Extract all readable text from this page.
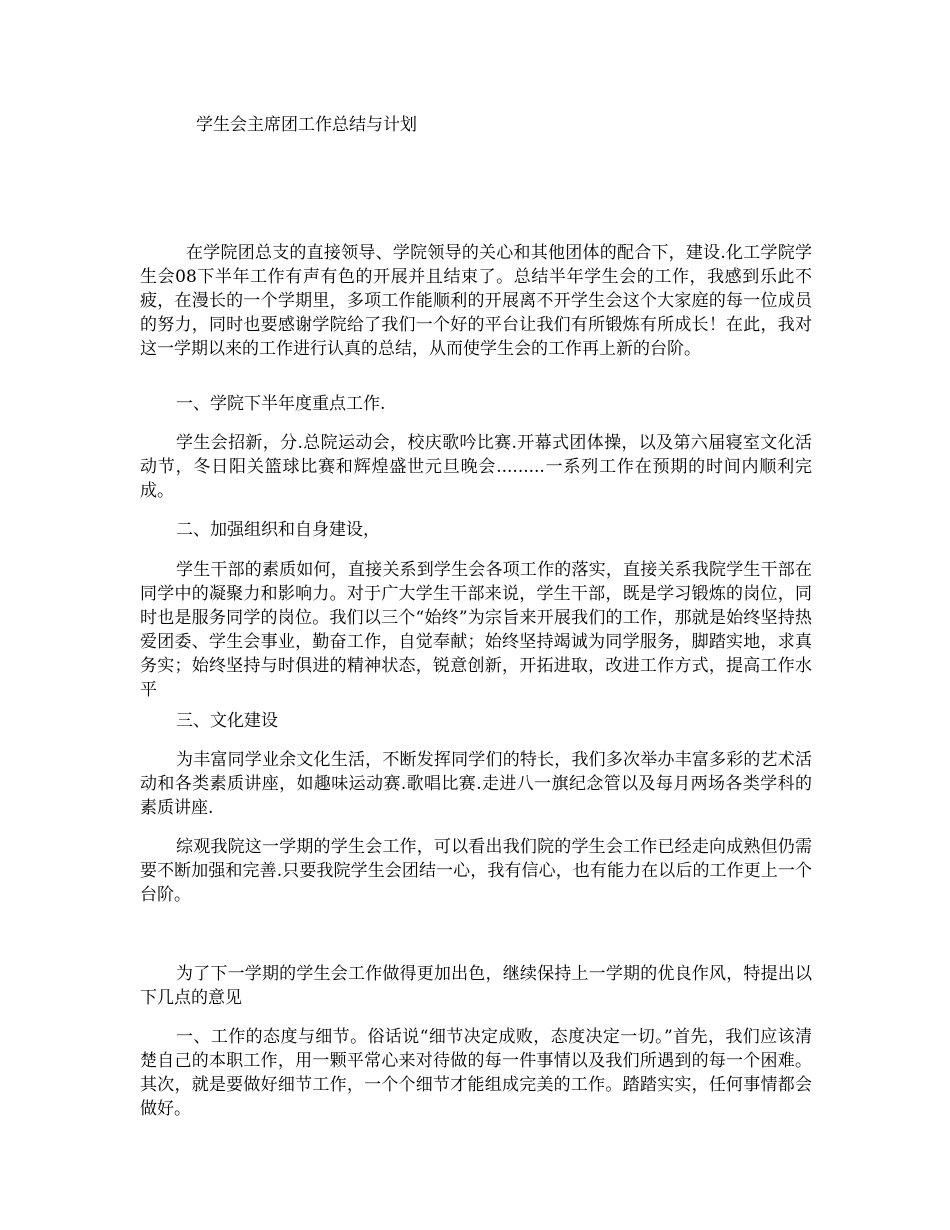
学生会主席团工作总结与计划

在学院团总支的直接领导、学院领导的关心和其他团体的配合下，建设.化工学院学生会08下半年工作有声有色的开展并且结束了。总结半年学生会的工作，我感到乐此不疲，在漫长的一个学期里，多项工作能顺利的开展离不开学生会这个大家庭的每一位成员的努力，同时也要感谢学院给了我们一个好的平台让我们有所锻炼有所成长！在此，我对这一学期以来的工作进行认真的总结，从而使学生会的工作再上新的台阶。

一、学院下半年度重点工作.

学生会招新，分.总院运动会，校庆歌吟比赛.开幕式团体操，以及第六届寝室文化活动节，冬日阳关篮球比赛和辉煌盛世元旦晚会.........一系列工作在预期的时间内顺利完成。

二、加强组织和自身建设，

学生干部的素质如何，直接关系到学生会各项工作的落实，直接关系我院学生干部在同学中的凝聚力和影响力。对于广大学生干部来说，学生干部，既是学习锻炼的岗位，同时也是服务同学的岗位。我们以三个“始终”为宗旨来开展我们的工作，那就是始终坚持热爱团委、学生会事业，勤奋工作，自觉奉献；始终坚持竭诚为同学服务，脚踏实地，求真务实；始终坚持与时俱进的精神状态，锐意创新，开拓进取，改进工作方式，提高工作水平

三、文化建设

为丰富同学业余文化生活，不断发挥同学们的特长，我们多次举办丰富多彩的艺术活动和各类素质讲座，如趣味运动赛.歌唱比赛.走进八一旗纪念管以及每月两场各类学科的素质讲座.

综观我院这一学期的学生会工作，可以看出我们院的学生会工作已经走向成熟但仍需要不断加强和完善.只要我院学生会团结一心，我有信心，也有能力在以后的工作更上一个台阶。

为了下一学期的学生会工作做得更加出色，继续保持上一学期的优良作风，特提出以下几点的意见

一、工作的态度与细节。俗话说“细节决定成败，态度决定一切。”首先，我们应该清楚自己的本职工作，用一颗平常心来对待做的每一件事情以及我们所遇到的每一个困难。其次，就是要做好细节工作，一个个细节才能组成完美的工作。踏踏实实，任何事情都会做好。
